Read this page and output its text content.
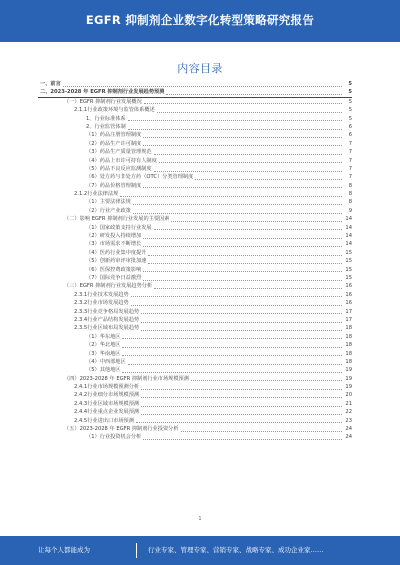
EGFR 抑制剂企业数字化转型策略研究报告
内容目录
一、 前言	5
二、 2023-2028 年 EGFR 抑制剂行业发展趋势预测	5
（一） EGFR 抑制剂行业发展概况	5
2.1.1 行业政策环境与监管体系概述	5
1、 行业标准体系	5
2、 行业监管体制	6
（1） 药品注册管理制度	6
（2） 药品生产许可制度	7
（3） 药品生产质量管理规范	7
（4） 药品上市许可持有人制度	7
（5） 药品不良反应监测制度	7
（6） 处方药与非处方药（OTC）分类管理制度	7
（7） 药品价格管理制度	8
2.1.2 行业法律法规	8
（1） 主要法律法规	8
（2） 行业产业政策	9
（二） 影响 EGFR 抑制剂行业发展的主要因素	14
（1） 国家政策支持行业发展	14
（2） 研发投入持续增加	14
（3） 市场需求不断增长	14
（4） 医药行业集中度提升	15
（5） 创新药审评审批加速	15
（6） 医保控费政策影响	15
（7） 国际竞争日益激烈	15
（三） EGFR 抑制剂行业发展趋势分析	16
2.3.1 行业技术发展趋势	16
2.3.2 行业市场发展趋势	16
2.3.3 行业竞争格局发展趋势	17
2.3.4 行业产品结构发展趋势	17
2.3.5 行业区域布局发展趋势	18
（1） 华东地区	18
（2） 华北地区	18
（3） 华南地区	18
（4） 中西部地区	18
（5） 其他地区	19
（四） 2023-2028 年 EGFR 抑制剂行业市场规模预测	19
2.4.1 行业市场规模预测分析	19
2.4.2 行业细分市场规模预测	20
2.4.3 行业区域市场规模预测	21
2.4.4 行业重点企业发展预测	22
2.4.5 行业进出口市场预测	23
（五） 2023-2028 年 EGFR 抑制剂行业投资分析	24
（1） 行业投资机会分析	24
1
让每个人都能成为	行业专家、管理专家、营销专家、战略专家、成功企业家……
